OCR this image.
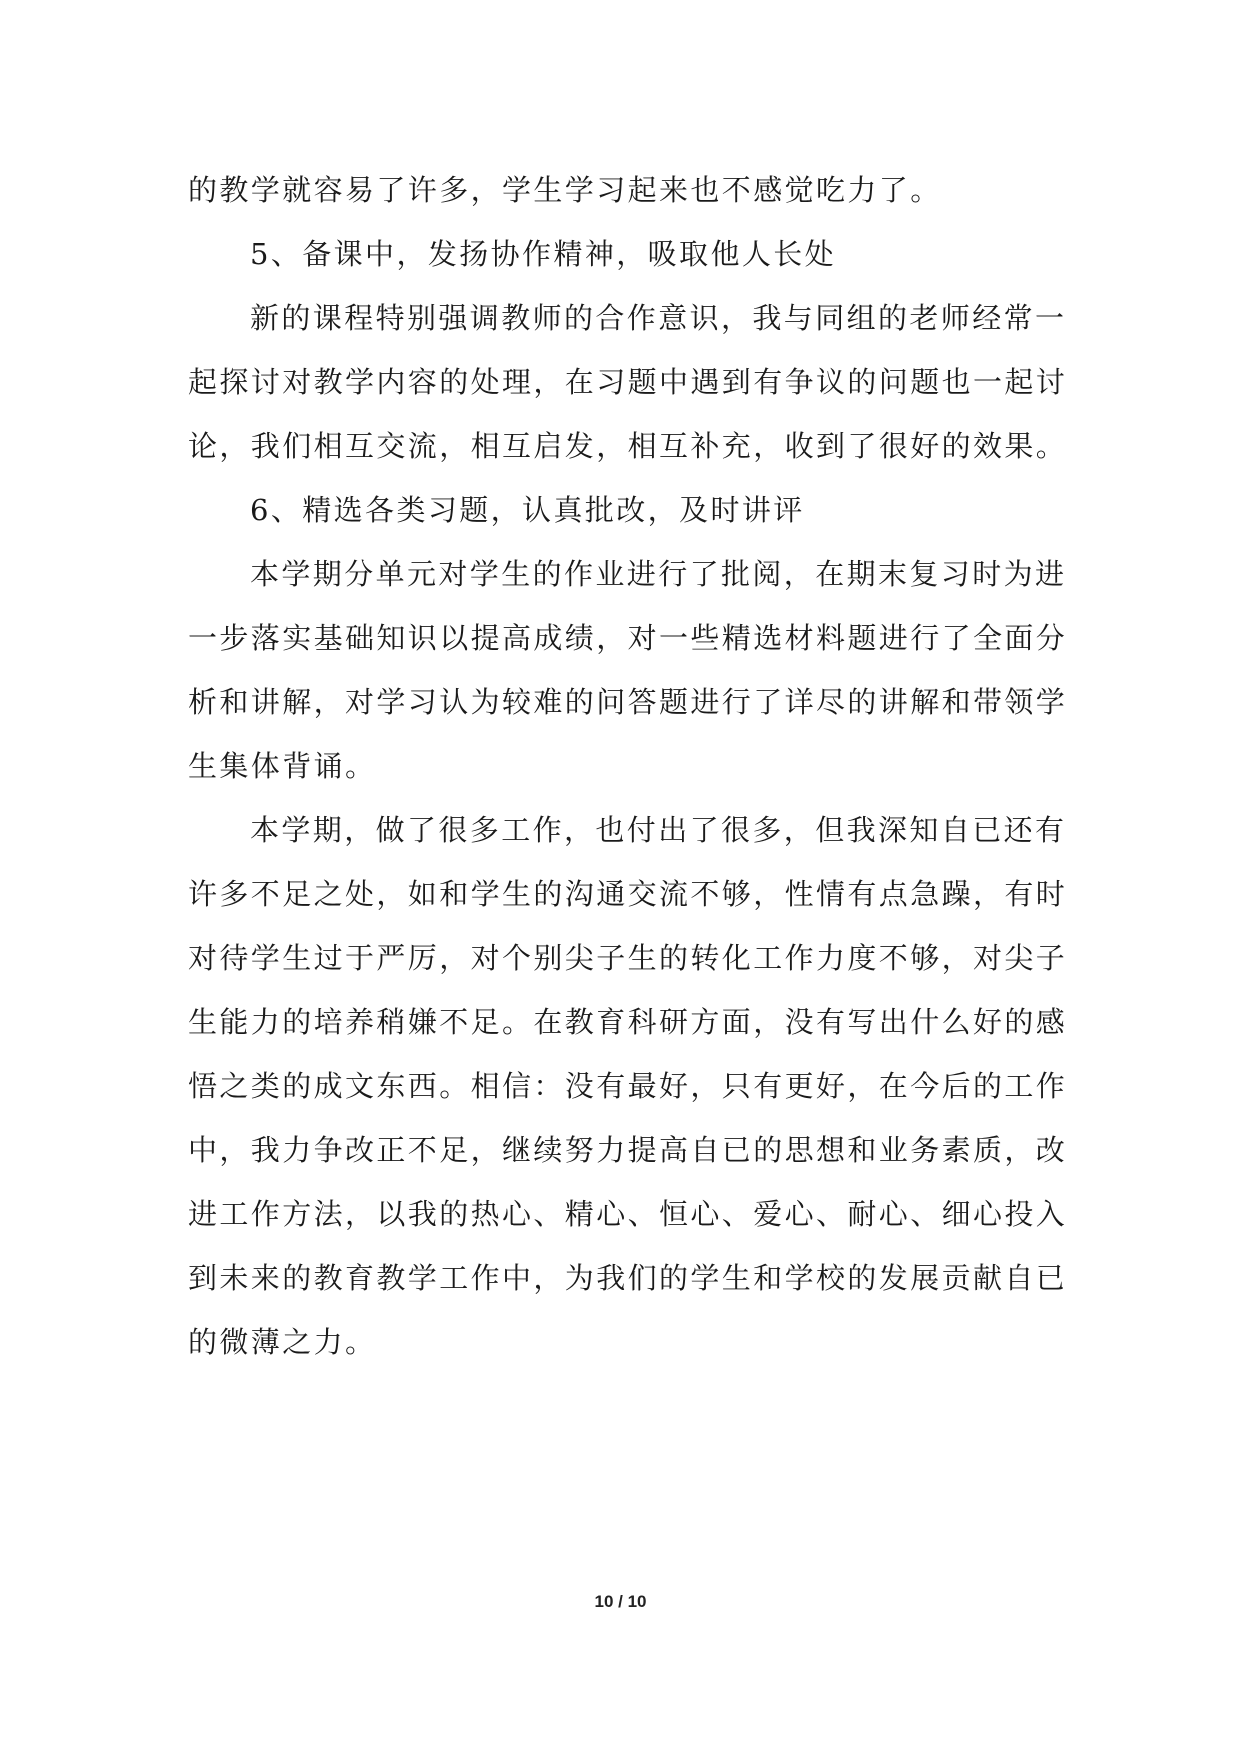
的教学就容易了许多，学生学习起来也不感觉吃力了。
5、备课中，发扬协作精神，吸取他人长处
新的课程特别强调教师的合作意识，我与同组的老师经常一
起探讨对教学内容的处理，在习题中遇到有争议的问题也一起讨
论，我们相互交流，相互启发，相互补充，收到了很好的效果。
6、精选各类习题，认真批改，及时讲评
本学期分单元对学生的作业进行了批阅，在期末复习时为进
一步落实基础知识以提高成绩，对一些精选材料题进行了全面分
析和讲解，对学习认为较难的问答题进行了详尽的讲解和带领学
生集体背诵。
本学期，做了很多工作，也付出了很多，但我深知自已还有
许多不足之处，如和学生的沟通交流不够，性情有点急躁，有时
对待学生过于严厉，对个别尖子生的转化工作力度不够，对尖子
生能力的培养稍嫌不足。在教育科研方面，没有写出什么好的感
悟之类的成文东西。相信：没有最好，只有更好，在今后的工作
中，我力争改正不足，继续努力提高自已的思想和业务素质，改
进工作方法，以我的热心、精心、恒心、爱心、耐心、细心投入
到未来的教育教学工作中，为我们的学生和学校的发展贡献自已
的微薄之力。
10 / 10
